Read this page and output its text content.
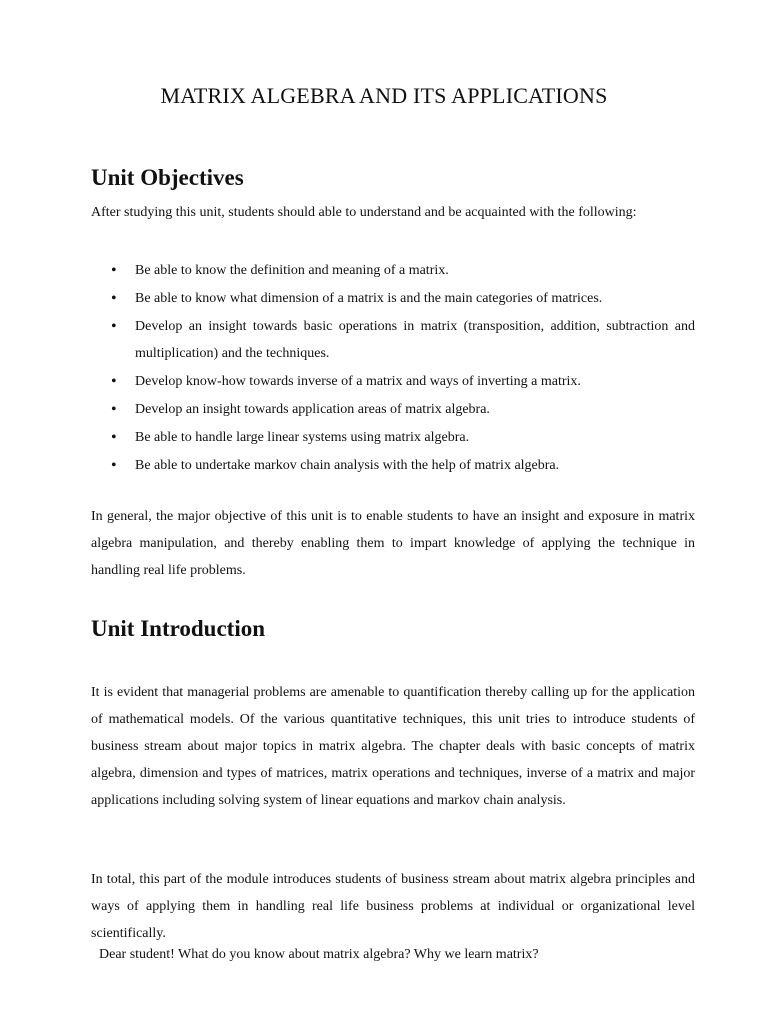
MATRIX ALGEBRA AND ITS APPLICATIONS
Unit Objectives

After studying this unit, students should able to understand and be acquainted with the following:

• Be able to know the definition and meaning of a matrix.
• Be able to know what dimension of a matrix is and the main categories of matrices.
• Develop an insight towards basic operations in matrix (transposition, addition, subtraction and multiplication) and the techniques.
• Develop know-how towards inverse of a matrix and ways of inverting a matrix.
• Develop an insight towards application areas of matrix algebra.
• Be able to handle large linear systems using matrix algebra.
• Be able to undertake markov chain analysis with the help of matrix algebra.

In general, the major objective of this unit is to enable students to have an insight and exposure in matrix algebra manipulation, and thereby enabling them to impart knowledge of applying the technique in handling real life problems.

Unit Introduction

It is evident that managerial problems are amenable to quantification thereby calling up for the application of mathematical models. Of the various quantitative techniques, this unit tries to introduce students of business stream about major topics in matrix algebra. The chapter deals with basic concepts of matrix algebra, dimension and types of matrices, matrix operations and techniques, inverse of a matrix and major applications including solving system of linear equations and markov chain analysis.

In total, this part of the module introduces students of business stream about matrix algebra principles and ways of applying them in handling real life business problems at individual or organizational level scientifically.

Dear student! What do you know about matrix algebra? Why we learn matrix?
